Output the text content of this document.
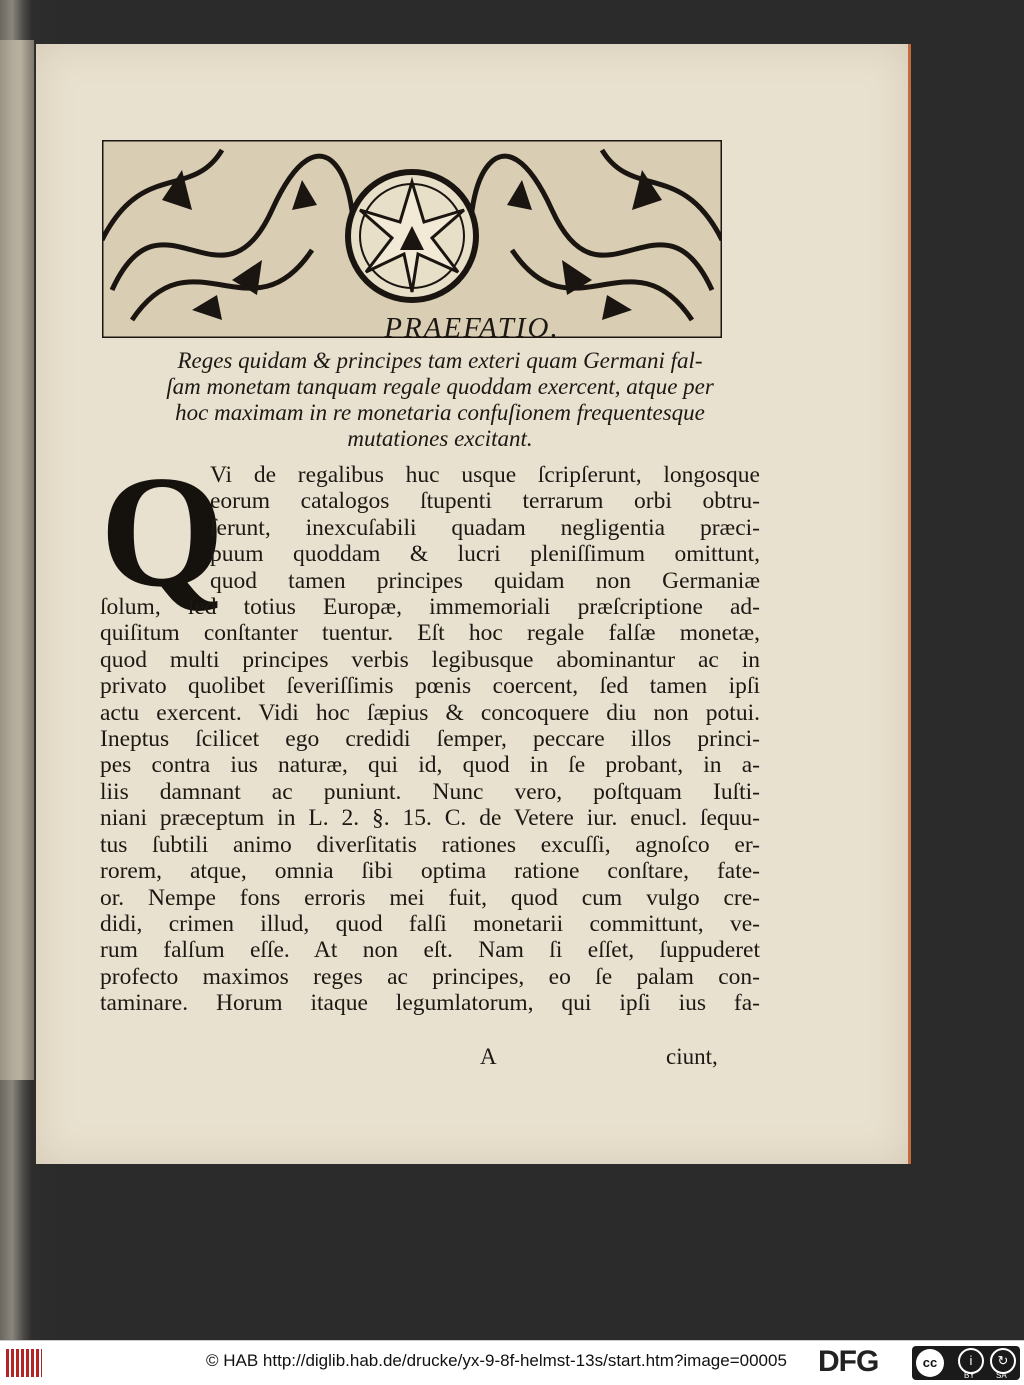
PRAEFATIO.
Reges quidam & principes tam exteri quam Germani fal-
ſam monetam tanquam regale quoddam exercent, atque per
hoc maximam in re monetaria confuſionem frequentesque
mutationes excitant.
Q
Vi de regalibus huc usque ſcripſerunt, longosque
eorum catalogos ſtupenti terrarum orbi obtru-
ſerunt, inexcuſabili quadam negligentia præci-
puum quoddam & lucri pleniſſimum omittunt,
quod tamen principes quidam non Germaniæ
ſolum, ſed totius Europæ, immemoriali præſcriptione ad-
quiſitum conſtanter tuentur. Eſt hoc regale falſæ monetæ,
quod multi principes verbis legibusque abominantur ac in
privato quolibet ſeveriſſimis pœnis coercent, ſed tamen ipſi
actu exercent. Vidi hoc ſæpius & concoquere diu non potui.
Ineptus ſcilicet ego credidi ſemper, peccare illos princi-
pes contra ius naturæ, qui id, quod in ſe probant, in a-
liis damnant ac puniunt. Nunc vero, poſtquam Iuſti-
niani præceptum in L. 2. §. 15. C. de Vetere iur. enucl. ſequu-
tus ſubtili animo diverſitatis rationes excuſſi, agnoſco er-
rorem, atque, omnia ſibi optima ratione conſtare, fate-
or. Nempe fons erroris mei fuit, quod cum vulgo cre-
didi, crimen illud, quod falſi monetarii committunt, ve-
rum falſum eſſe. At non eſt. Nam ſi eſſet, ſuppuderet
profecto maximos reges ac principes, eo ſe palam con-
taminare. Horum itaque legumlatorum, qui ipſi ius fa-
A	ciunt,
© HAB http://diglib.hab.de/drucke/yx-9-8f-helmst-13s/start.htm?image=00005 DFG	cc	i	↻
BY	SA
